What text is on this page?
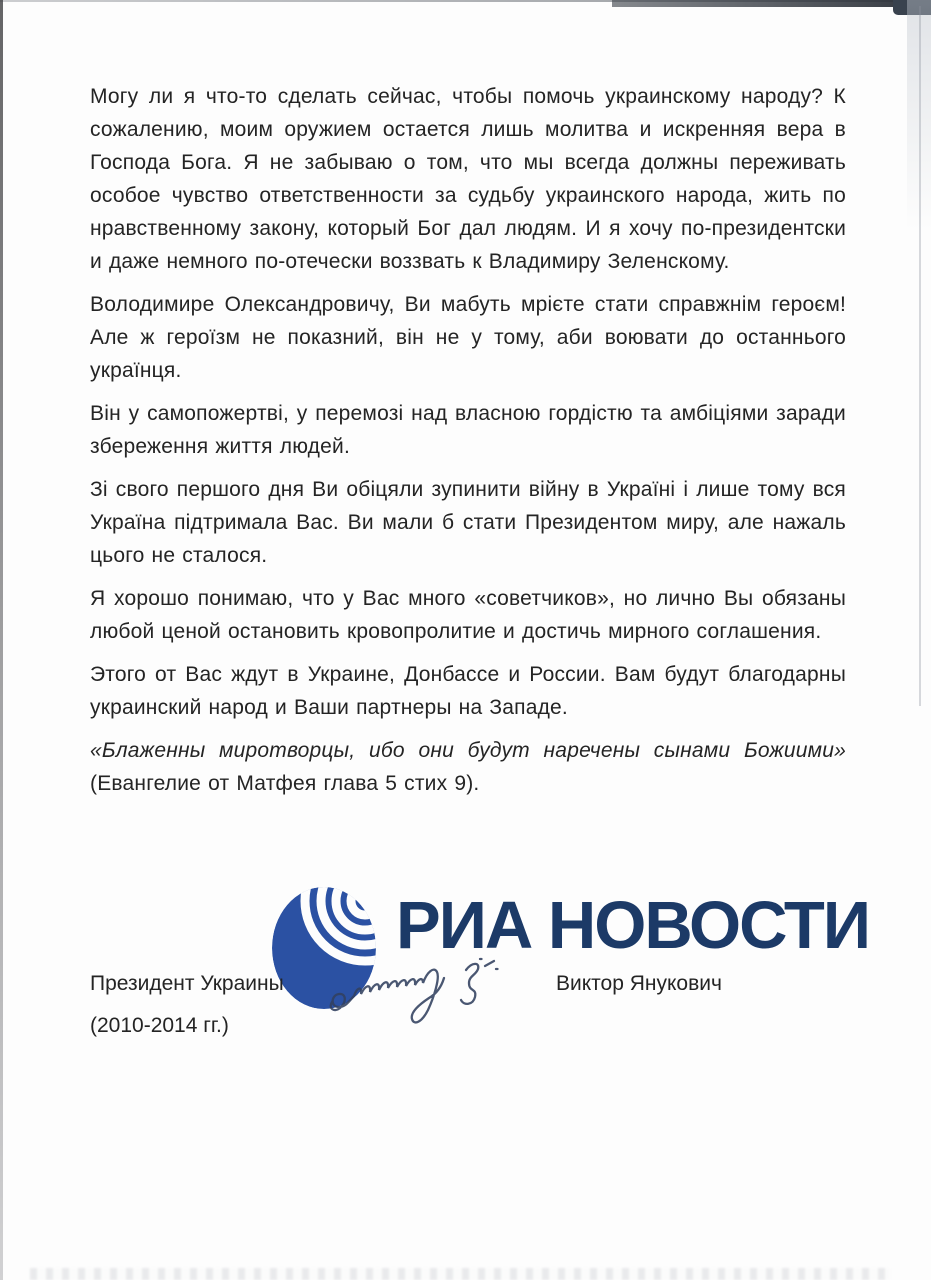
Могу ли я что-то сделать сейчас, чтобы помочь украинскому народу? К сожалению, моим оружием остается лишь молитва и искренняя вера в Господа Бога. Я не забываю о том, что мы всегда должны переживать особое чувство ответственности за судьбу украинского народа, жить по нравственному закону, который Бог дал людям. И я хочу по-президентски и даже немного по-отечески воззвать к Владимиру Зеленскому.

Володимире Олександровичу, Ви мабуть мрієте стати справжнім героєм! Але ж героїзм не показний, він не у тому, аби воювати до останнього українця.

Він у самопожертві, у перемозі над власною гордістю та амбіціями заради збереження життя людей.

Зі свого першого дня Ви обіцяли зупинити війну в Україні і лише тому вся Україна підтримала Вас. Ви мали б стати Президентом миру, але нажаль цього не сталося.

Я хорошо понимаю, что у Вас много «советчиков», но лично Вы обязаны любой ценой остановить кровопролитие и достичь мирного соглашения.

Этого от Вас ждут в Украине, Донбассе и России. Вам будут благодарны украинский народ и Ваши партнеры на Западе.

«Блаженны миротворцы, ибо они будут наречены сынами Божиими» (Евангелие от Матфея глава 5 стих 9).

РИА НОВОСТИ
Президент Украины	Виктор Янукович
(2010-2014 гг.)
